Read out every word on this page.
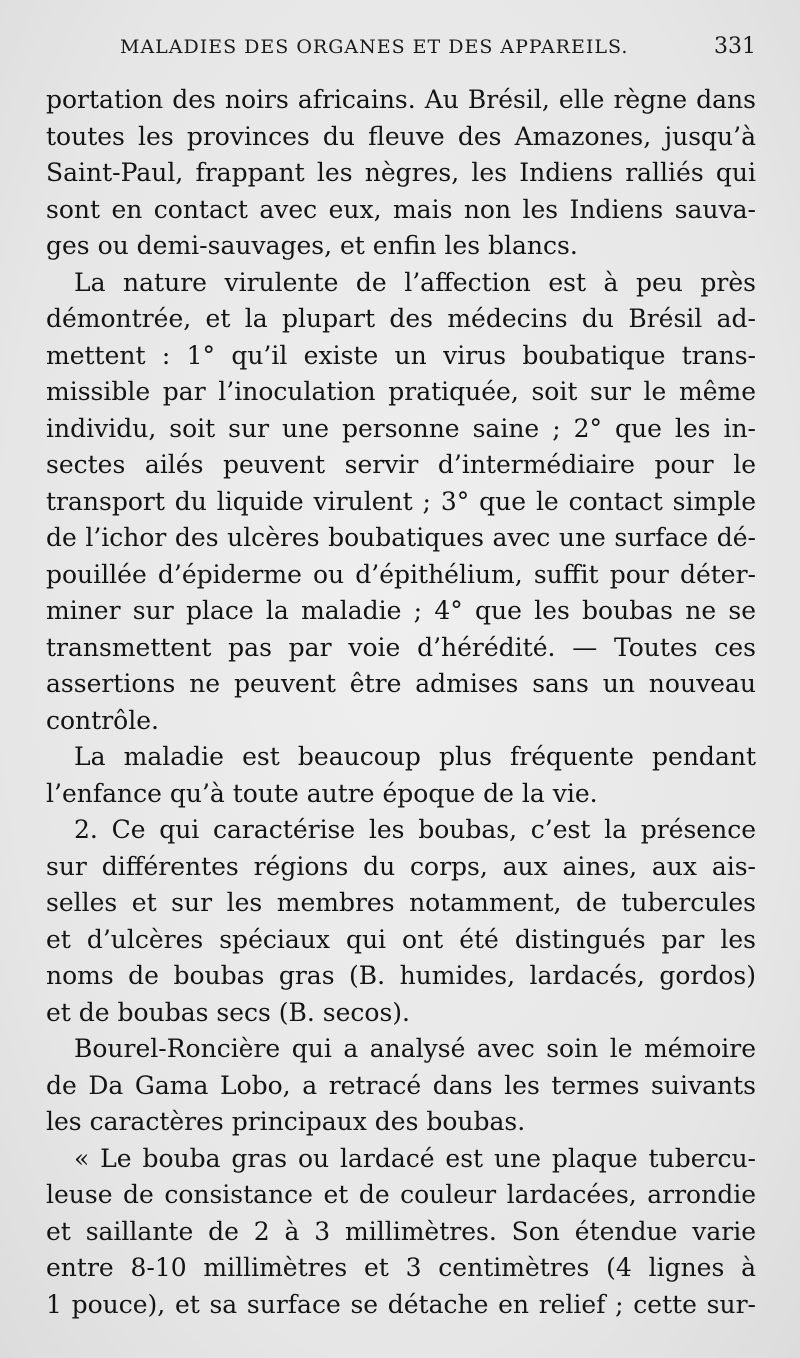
MALADIES DES ORGANES ET DES APPAREILS.	331
portation des noirs africains. Au Brésil, elle règne dans
toutes les provinces du fleuve des Amazones, jusqu’à
Saint-Paul, frappant les nègres, les Indiens ralliés qui
sont en contact avec eux, mais non les Indiens sauva-
ges ou demi-sauvages, et enfin les blancs.
La nature virulente de l’affection est à peu près
démontrée, et la plupart des médecins du Brésil ad-
mettent : 1° qu’il existe un virus boubatique trans-
missible par l’inoculation pratiquée, soit sur le même
individu, soit sur une personne saine ; 2° que les in-
sectes ailés peuvent servir d’intermédiaire pour le
transport du liquide virulent ; 3° que le contact simple
de l’ichor des ulcères boubatiques avec une surface dé-
pouillée d’épiderme ou d’épithélium, suffit pour déter-
miner sur place la maladie ; 4° que les boubas ne se
transmettent pas par voie d’hérédité. — Toutes ces
assertions ne peuvent être admises sans un nouveau
contrôle.
La maladie est beaucoup plus fréquente pendant
l’enfance qu’à toute autre époque de la vie.
2. Ce qui caractérise les boubas, c’est la présence
sur différentes régions du corps, aux aines, aux ais-
selles et sur les membres notamment, de tubercules
et d’ulcères spéciaux qui ont été distingués par les
noms de boubas gras (B. humides, lardacés, gordos)
et de boubas secs (B. secos).
Bourel-Roncière qui a analysé avec soin le mémoire
de Da Gama Lobo, a retracé dans les termes suivants
les caractères principaux des boubas.
« Le bouba gras ou lardacé est une plaque tubercu-
leuse de consistance et de couleur lardacées, arrondie
et saillante de 2 à 3 millimètres. Son étendue varie
entre 8-10 millimètres et 3 centimètres (4 lignes à
1 pouce), et sa surface se détache en relief ; cette sur-
